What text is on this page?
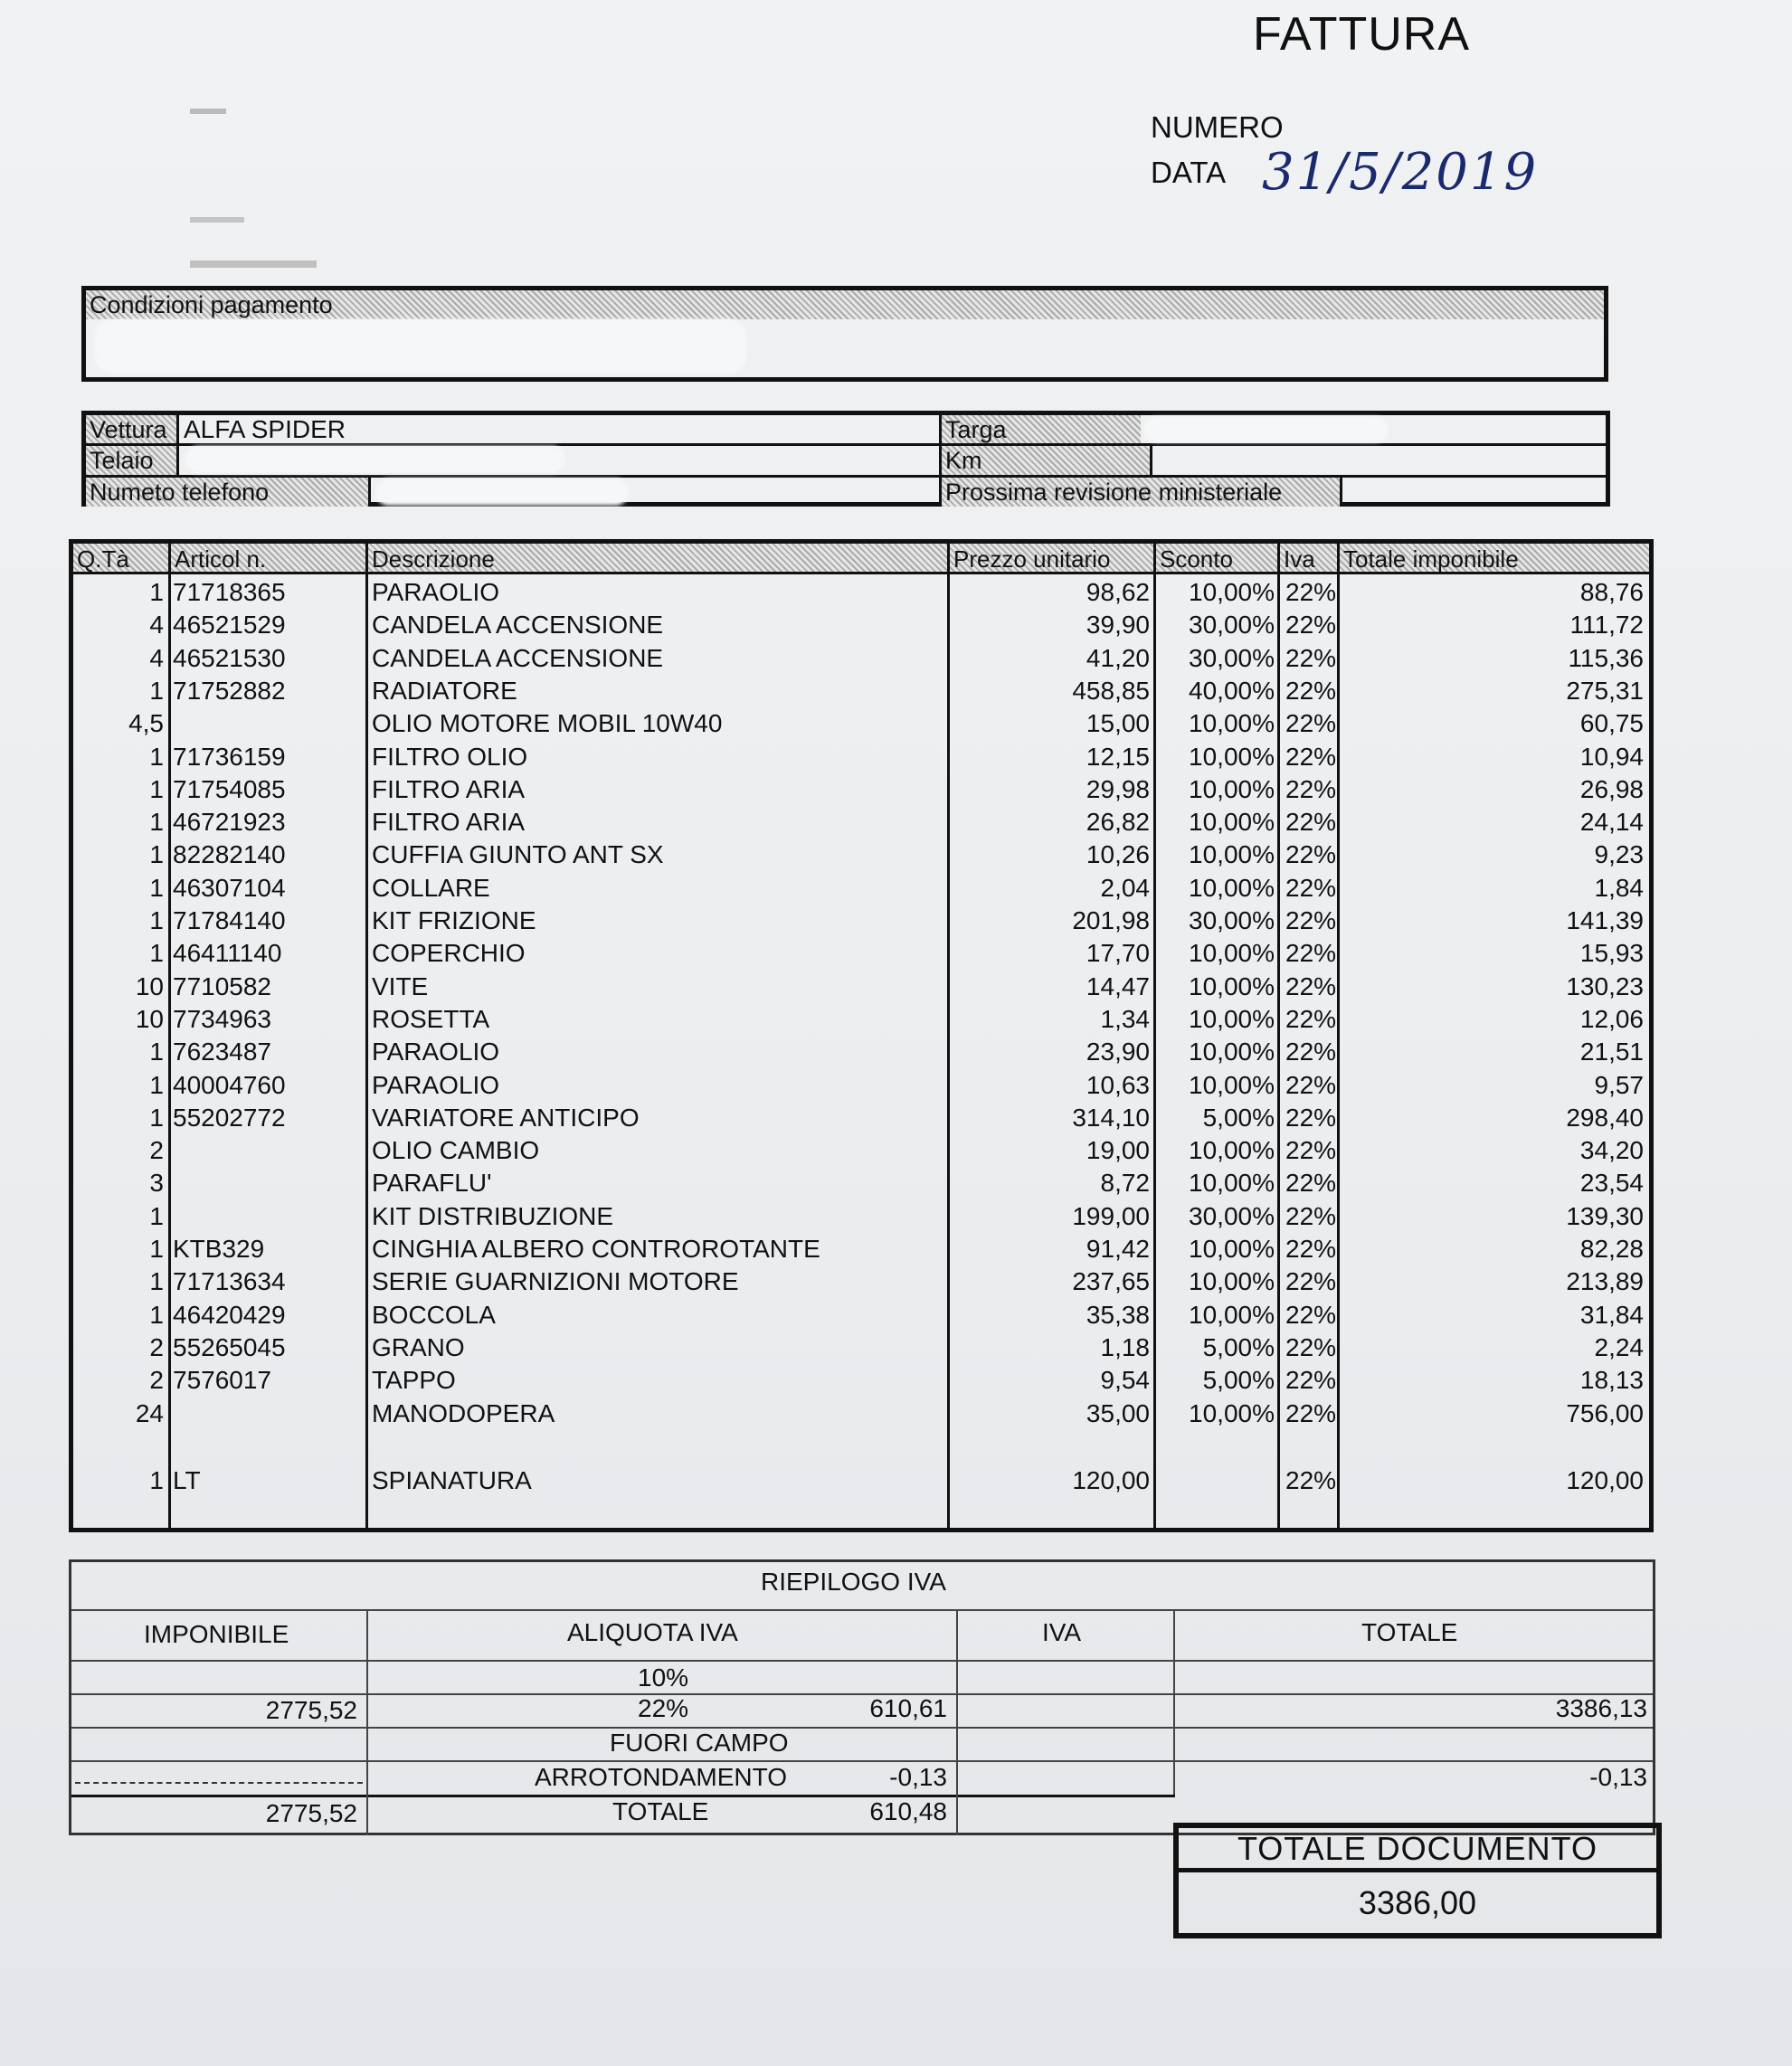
FATTURA
NUMERO
DATA 31/5/2019
Condizioni pagamento
Vettura ALFA SPIDER
Telaio
Numeto telefono
Targa
Km
Prossima revisione ministeriale
Q.Tà	Articol n.	Descrizione	Prezzo unitario	Sconto	Iva	Totale imponibile
1 71718365	PARAOLIO	98,62	10,00% 22%	88,76
4 46521529	CANDELA ACCENSIONE	39,90	30,00% 22%	111,72
4 46521530	CANDELA ACCENSIONE	41,20	30,00% 22%	115,36
1 71752882	RADIATORE	458,85	40,00% 22%	275,31
4,5	OLIO MOTORE MOBIL 10W40	15,00	10,00% 22%	60,75
1 71736159	FILTRO OLIO	12,15	10,00% 22%	10,94
1 71754085	FILTRO ARIA	29,98	10,00% 22%	26,98
1 46721923	FILTRO ARIA	26,82	10,00% 22%	24,14
1 82282140	CUFFIA GIUNTO ANT SX	10,26	10,00% 22%	9,23
1 46307104	COLLARE	2,04	10,00% 22%	1,84
1 71784140	KIT FRIZIONE	201,98	30,00% 22%	141,39
1 46411140	COPERCHIO	17,70	10,00% 22%	15,93
10 7710582	VITE	14,47	10,00% 22%	130,23
10 7734963	ROSETTA	1,34	10,00% 22%	12,06
1 7623487	PARAOLIO	23,90	10,00% 22%	21,51
1 40004760	PARAOLIO	10,63	10,00% 22%	9,57
1 55202772	VARIATORE ANTICIPO	314,10	5,00% 22%	298,40
2	OLIO CAMBIO	19,00	10,00% 22%	34,20
3	PARAFLU'	8,72	10,00% 22%	23,54
1	KIT DISTRIBUZIONE	199,00	30,00% 22%	139,30
1 KTB329	CINGHIA ALBERO CONTROROTANTE	91,42	10,00% 22%	82,28
1 71713634	SERIE GUARNIZIONI MOTORE	237,65	10,00% 22%	213,89
1 46420429	BOCCOLA	35,38	10,00% 22%	31,84
2 55265045	GRANO	1,18	5,00% 22%	2,24
2 7576017	TAPPO	9,54	5,00% 22%	18,13
24	MANODOPERA	35,00	10,00% 22%	756,00
1 LT	SPIANATURA	120,00	22%	120,00
RIEPILOGO IVA
IMPONIBILE	ALIQUOTA IVA	IVA	TOTALE
10%
2775,52	22%	610,61	3386,13
FUORI CAMPO
ARROTONDAMENTO	-0,13	-0,13
2775,52	TOTALE	610,48
TOTALE DOCUMENTO
3386,00
